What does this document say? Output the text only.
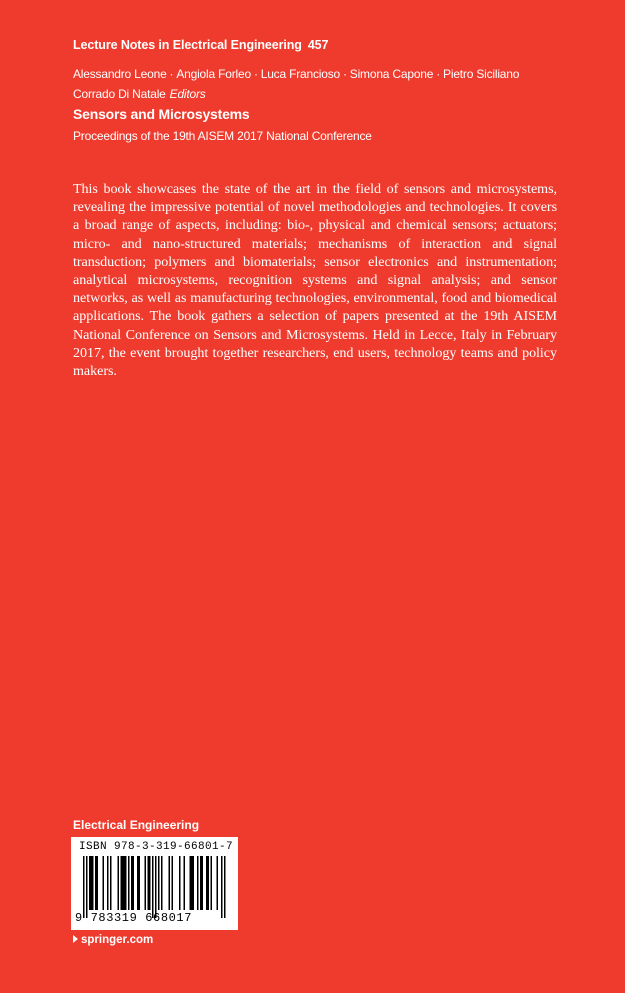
Lecture Notes in Electrical Engineering 457
Alessandro Leone · Angiola Forleo · Luca Francioso · Simona Capone · Pietro Siciliano
Corrado Di Natale Editors
Sensors and Microsystems
Proceedings of the 19th AISEM 2017 National Conference
This book showcases the state of the art in the field of sensors and microsystems, revealing the impressive potential of novel methodologies and technologies. It covers a broad range of aspects, including: bio-, physical and chemical sensors; actuators; micro- and nano-structured materials; mechanisms of interaction and signal transduction; polymers and biomaterials; sensor electronics and instrumentation; analytical microsystems, recognition systems and signal analysis; and sensor networks, as well as manufacturing technologies, environmental, food and biomedical applications. The book gathers a selection of papers presented at the 19th AISEM National Conference on Sensors and Microsystems. Held in Lecce, Italy in February 2017, the event brought together researchers, end users, technology teams and policy makers.
Electrical Engineering
ISBN 978-3-319-66801-7
9 783319 668017
springer.com
